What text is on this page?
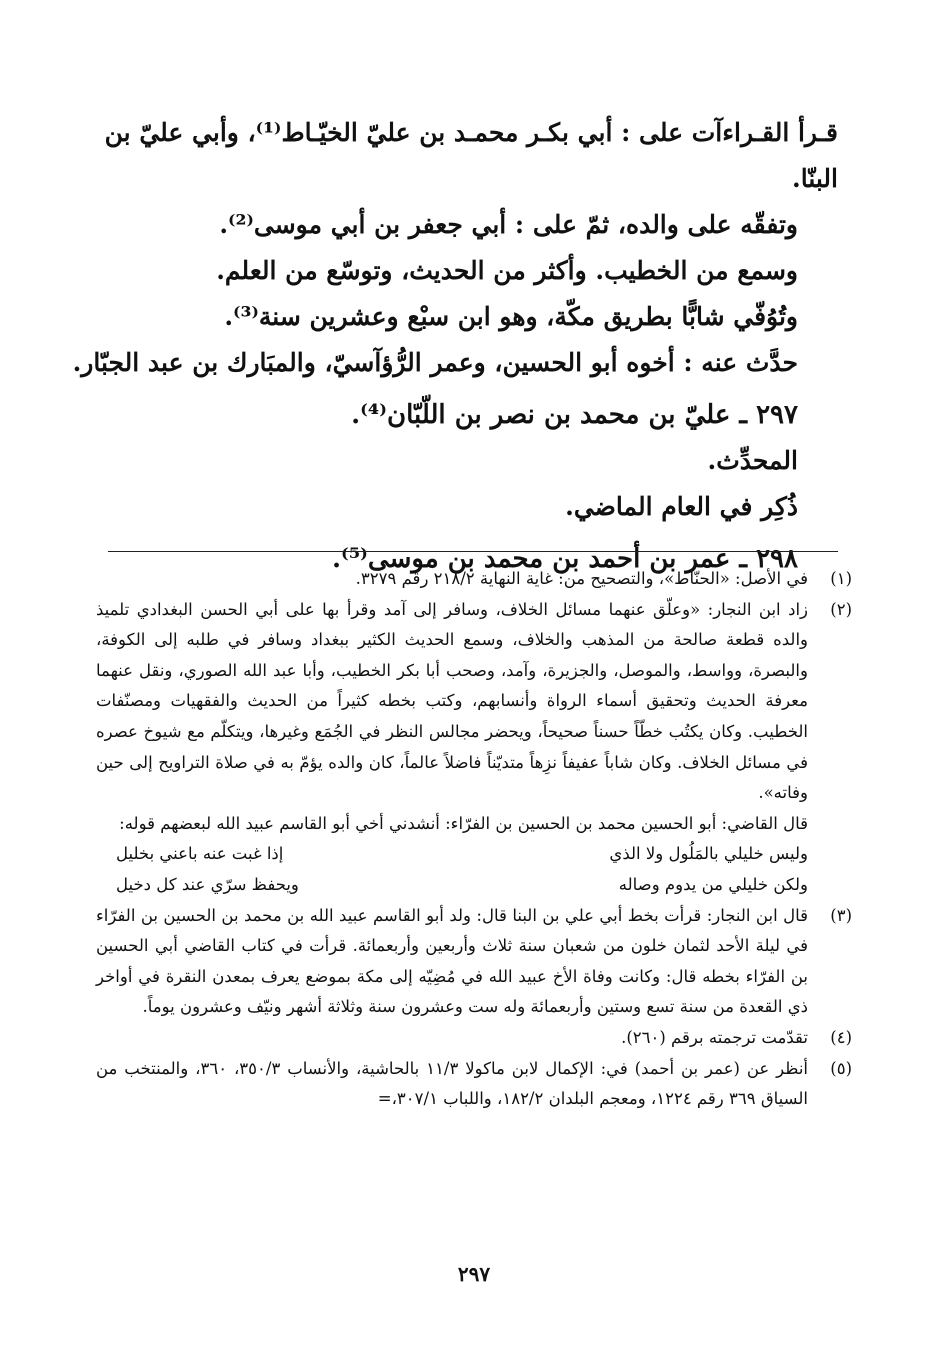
قـرأ القـراءآت على : أبي بكـر محمـد بن عليّ الخيّـاط⁽¹⁾، وأبي عليّ بن
البنّا.
وتفقّه على والده، ثمّ على : أبي جعفر بن أبي موسى⁽²⁾.
وسمع من الخطيب. وأكثر من الحديث، وتوسّع من العلم.
وتُوُفّي شابًّا بطريق مكّة، وهو ابن سبْع وعشرين سنة⁽³⁾.
حدَّث عنه : أخوه أبو الحسين، وعمر الرُّؤآسيّ، والمبَارك بن عبد الجبّار.
٢٩٧ ـ عليّ بن محمد بن نصر بن اللّبّان⁽⁴⁾.
المحدِّث.
ذُكِر في العام الماضي.
٢٩٨ ـ عمر بن أحمد بن محمد بن موسى⁽⁵⁾.
(١)

في الأصل: «الحنّاط»، والتصحيح من: غاية النهاية ٢١٨/٢ رقم ٣٢٧٩.

(٢)

زاد ابن النجار: «وعلّق عنهما مسائل الخلاف، وسافر إلى آمد وقرأ بها على أبي الحسن البغدادي تلميذ والده قطعة صالحة من المذهب والخلاف، وسمع الحديث الكثير ببغداد وسافر في طلبه إلى الكوفة، والبصرة، وواسط، والموصل، والجزيرة، وآمد، وصحب أبا بكر الخطيب، وأبا عبد الله الصوري، ونقل عنهما معرفة الحديث وتحقيق أسماء الرواة وأنسابهم، وكتب بخطه كثيراً من الحديث والفقهيات ومصنّفات الخطيب. وكان يكتُب خطّاً حسناً صحيحاً، ويحضر مجالس النظر في الجُمَع وغيرها، ويتكلّم مع شيوخ عصره في مسائل الخلاف. وكان شاباً عفيفاً نزِهاً متديّناً فاضلاً عالماً، كان والده يؤمّ به في صلاة التراويح إلى حين وفاته».

قال القاضي: أبو الحسين محمد بن الحسين بن الفرّاء: أنشدني أخي أبو القاسم عبيد الله لبعضهم قوله:

وليس خليلي بالمَلُول ولا الذي
إذا غبت عنه باعني بخليل
ولكن خليلي من يدوم وصاله
ويحفظ سرّي عند كل دخيل
(٣)

قال ابن النجار: قرأت بخط أبي علي بن البنا قال: ولد أبو القاسم عبيد الله بن محمد بن الحسين بن الفرّاء في ليلة الأحد لثمان خلون من شعبان سنة ثلاث وأربعين وأربعمائة. قرأت في كتاب القاضي أبي الحسين بن الفرّاء بخطه قال: وكانت وفاة الأخ عبيد الله في مُضِيّه إلى مكة بموضع يعرف بمعدن النقرة في أواخر ذي القعدة من سنة تسع وستين وأربعمائة وله ست وعشرون سنة وثلاثة أشهر ونيّف وعشرون يوماً.

(٤)

تقدّمت ترجمته برقم (٢٦٠).

(٥)

أنظر عن (عمر بن أحمد) في: الإكمال لابن ماكولا ١١/٣ بالحاشية، والأنساب ٣٥٠/٣، ٣٦٠، والمنتخب من السياق ٣٦٩ رقم ١٢٢٤، ومعجم البلدان ١٨٢/٢، واللباب ٣٠٧/١،=

٢٩٧
